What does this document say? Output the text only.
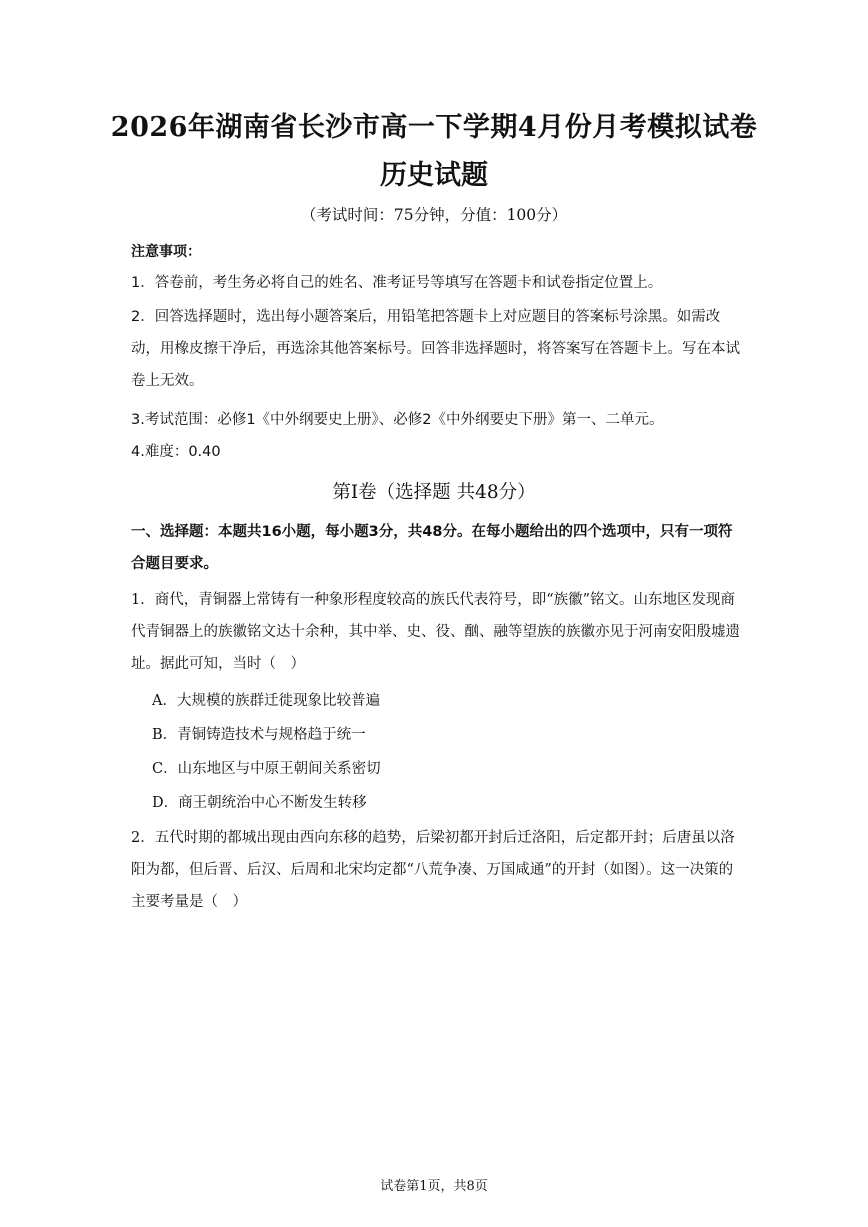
2026年湖南省长沙市高一下学期4月份月考模拟试卷
历史试题
（考试时间：75分钟，分值：100分）
注意事项：
1．答卷前，考生务必将自己的姓名、准考证号等填写在答题卡和试卷指定位置上。
2．回答选择题时，选出每小题答案后，用铅笔把答题卡上对应题目的答案标号涂黑。如需改动，用橡皮擦干净后，再选涂其他答案标号。回答非选择题时，将答案写在答题卡上。写在本试卷上无效。
3.考试范围：必修1《中外纲要史上册》、必修2《中外纲要史下册》第一、二单元。
4.难度：0.40
第Ⅰ卷（选择题 共48分）
一、选择题：本题共16小题，每小题3分，共48分。在每小题给出的四个选项中，只有一项符合题目要求。
1．商代，青铜器上常铸有一种象形程度较高的族氏代表符号，即“族徽”铭文。山东地区发现商代青铜器上的族徽铭文达十余种，其中举、史、役、酗、融等望族的族徽亦见于河南安阳殷墟遗址。据此可知，当时（　）
A．大规模的族群迁徙现象比较普遍
B．青铜铸造技术与规格趋于统一
C．山东地区与中原王朝间关系密切
D．商王朝统治中心不断发生转移
2．五代时期的都城出现由西向东移的趋势，后梁初都开封后迁洛阳，后定都开封；后唐虽以洛阳为都，但后晋、后汉、后周和北宋均定都“八荒争凑、万国咸通”的开封（如图）。这一决策的主要考量是（　）
试卷第1页，共8页
